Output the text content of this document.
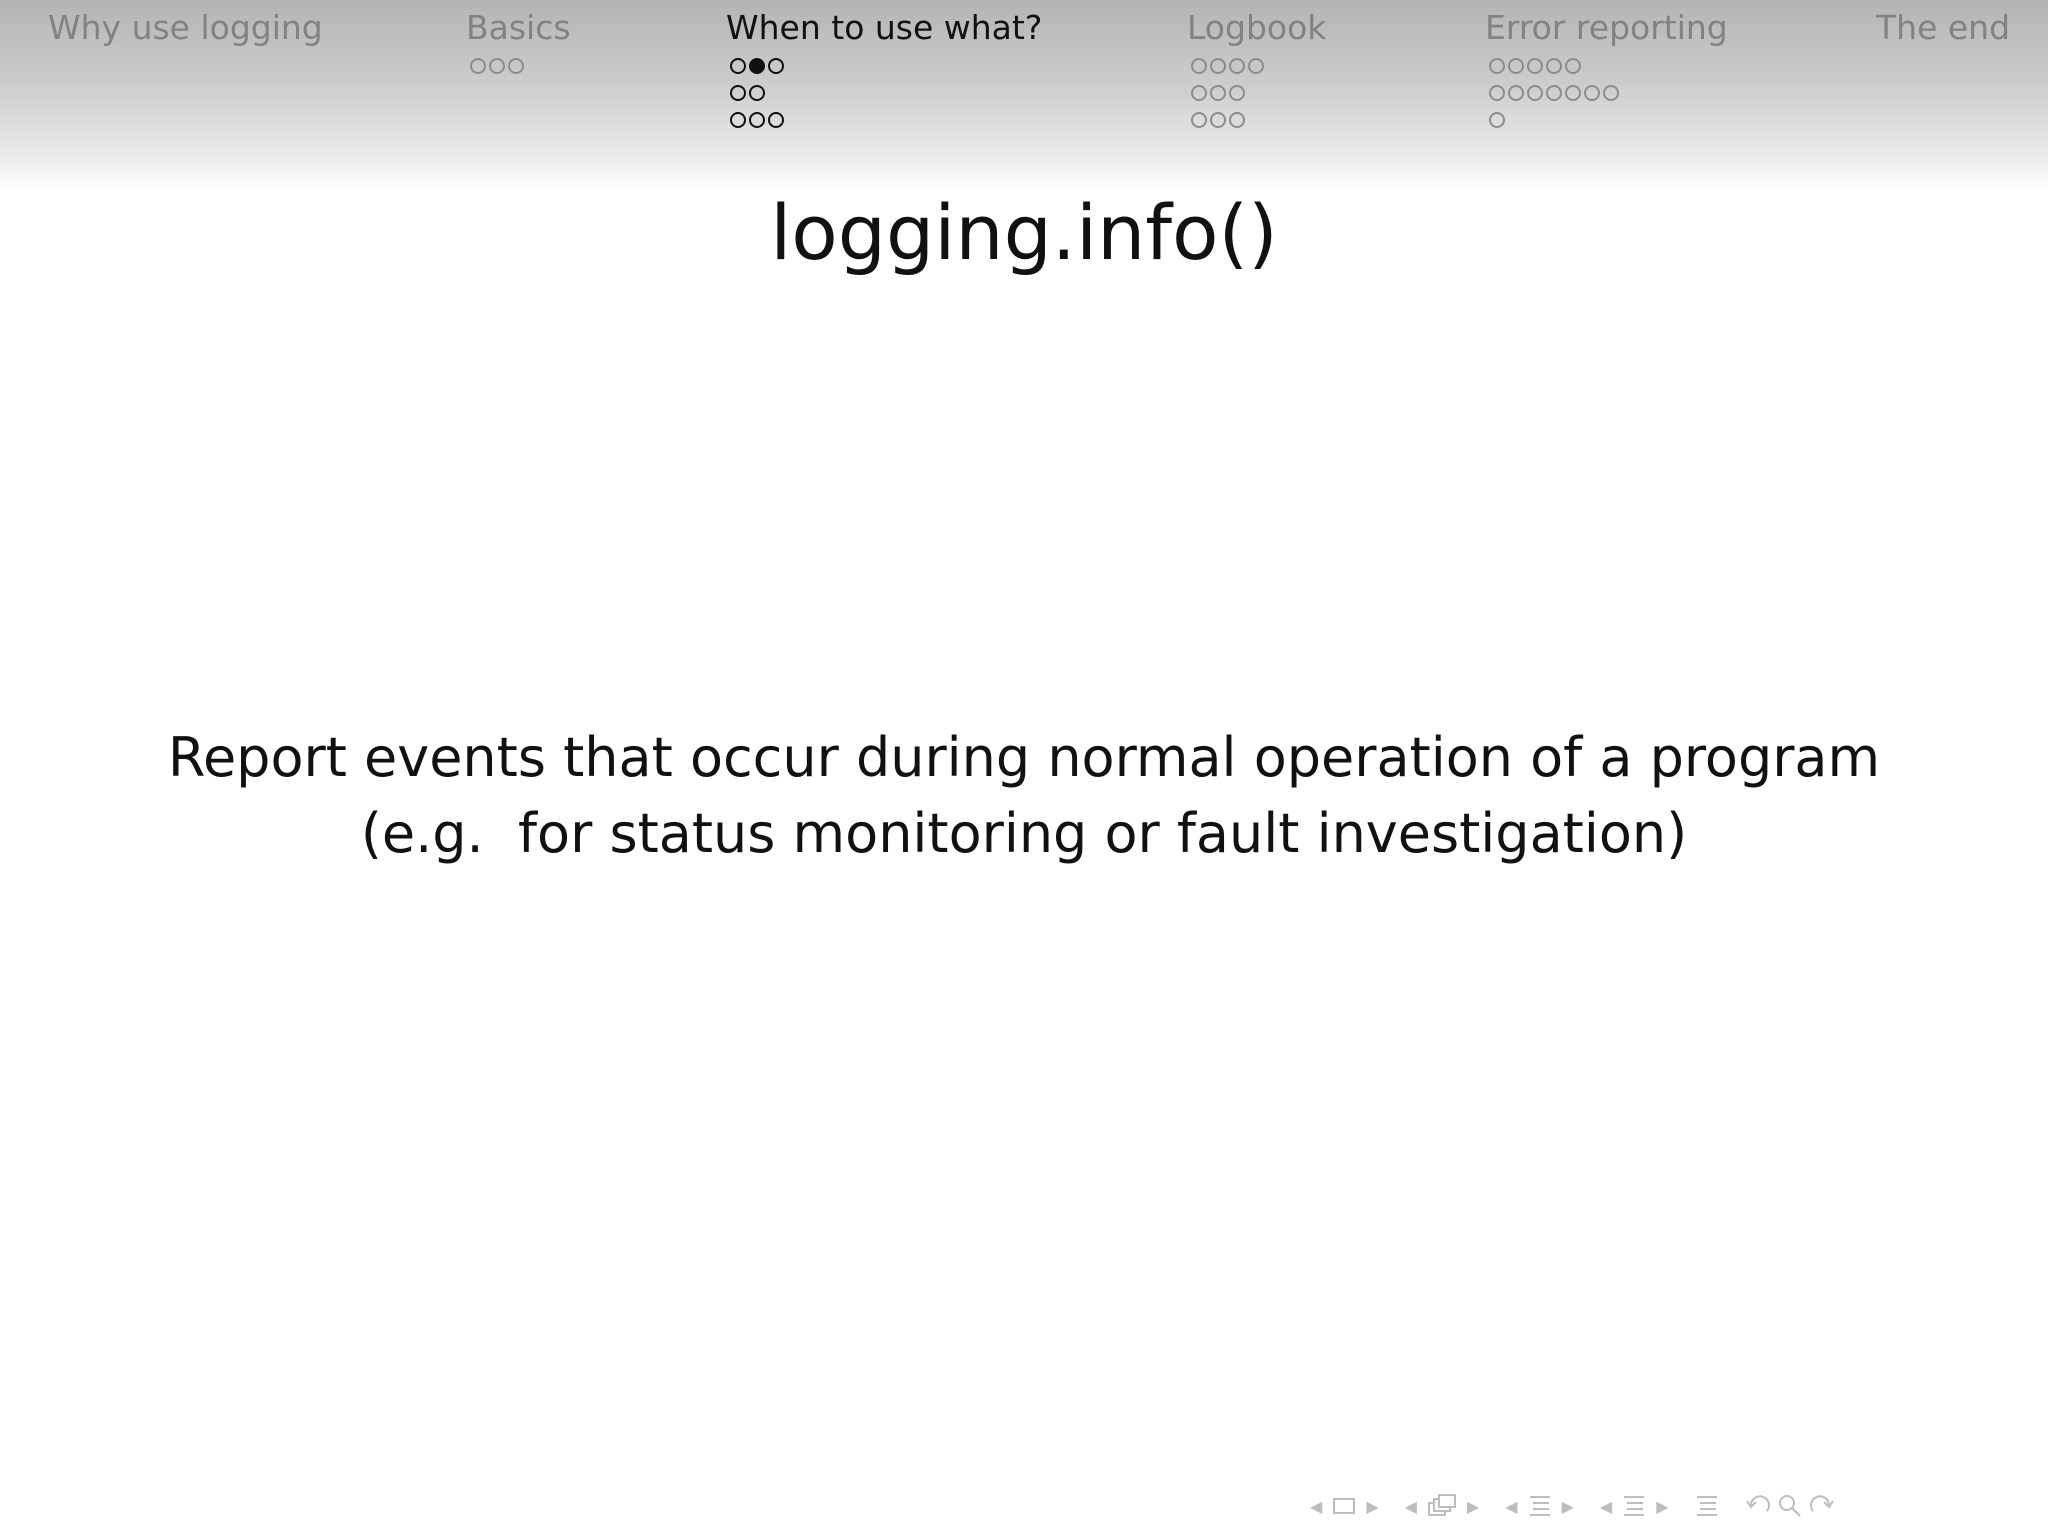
Why use logging	Basics	When to use what?	Logbook	Error reporting	The end
logging.info()
Report events that occur during normal operation of a program
(e.g.  for status monitoring or fault investigation)
◀	▶ ◀	▶ ◀	▶ ◀	▶
